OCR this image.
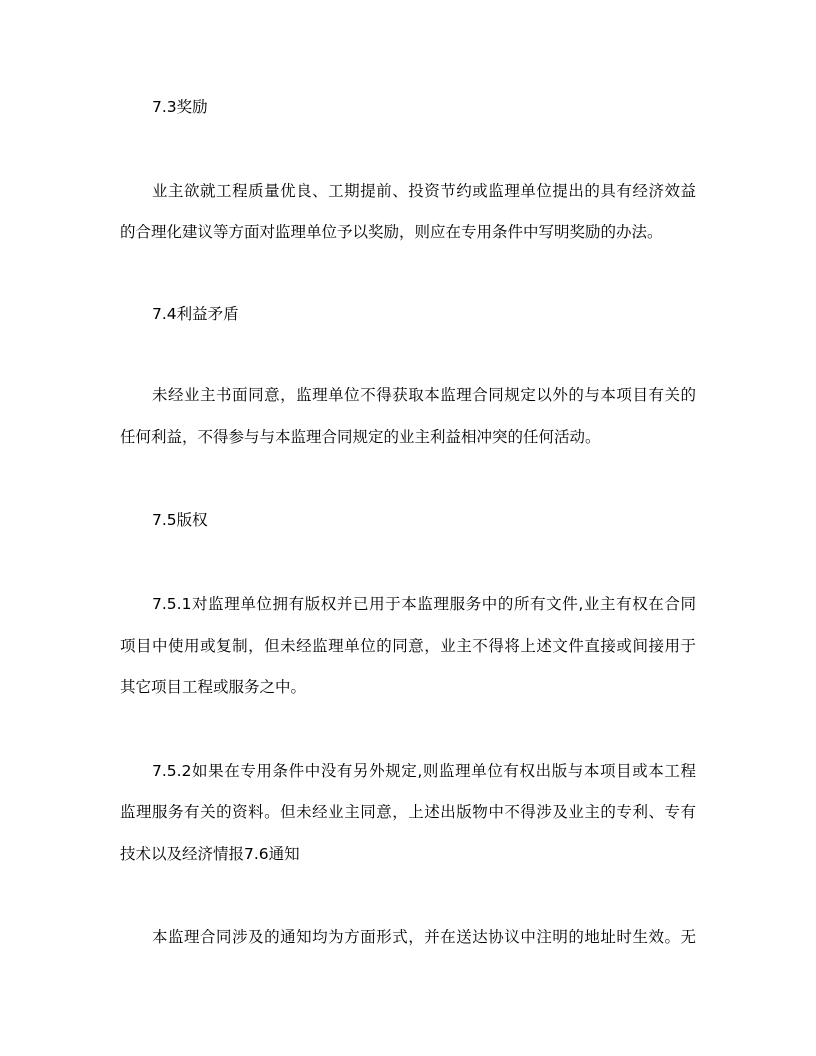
7.3奖励
业主欲就工程质量优良、工期提前、投资节约或监理单位提出的具有经济效益
的合理化建议等方面对监理单位予以奖励，则应在专用条件中写明奖励的办法。
7.4利益矛盾
未经业主书面同意，监理单位不得获取本监理合同规定以外的与本项目有关的
任何利益，不得参与与本监理合同规定的业主利益相冲突的任何活动。
7.5版权
7.5.1对监理单位拥有版权并已用于本监理服务中的所有文件,业主有权在合同
项目中使用或复制，但未经监理单位的同意，业主不得将上述文件直接或间接用于
其它项目工程或服务之中。
7.5.2如果在专用条件中没有另外规定,则监理单位有权出版与本项目或本工程
监理服务有关的资料。但未经业主同意，上述出版物中不得涉及业主的专利、专有
技术以及经济情报7.6通知
本监理合同涉及的通知均为方面形式，并在送达协议中注明的地址时生效。无
